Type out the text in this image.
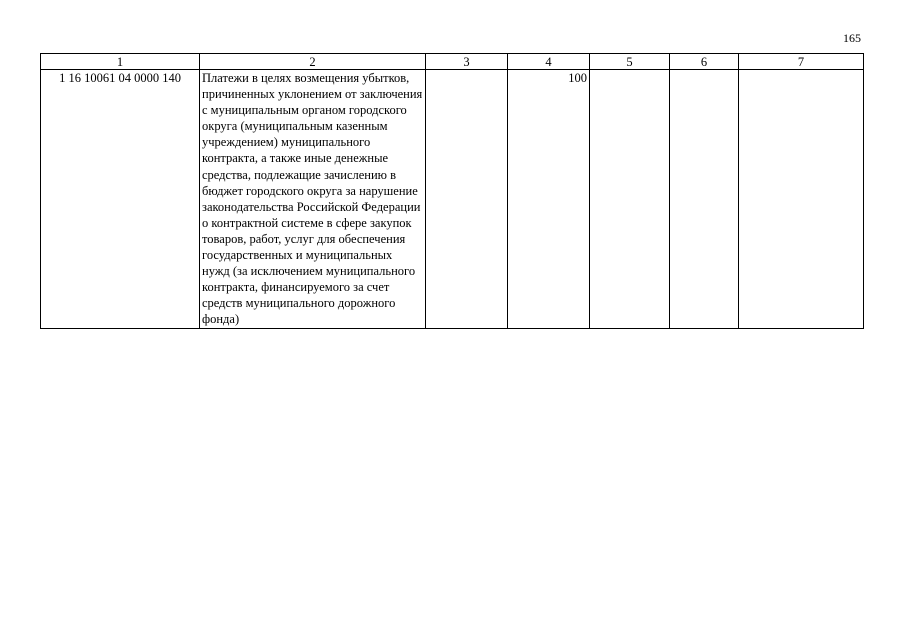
165
1	2	3	4	5	6	7
1 16 10061 04 0000 140	Платежи в целях возмещения убытков, причиненных уклонением от заключения с муниципальным органом городского округа (муниципальным казенным учреждением) муниципального контракта, а также иные денежные средства, подлежащие зачислению в бюджет городского округа за нарушение законодательства Российской Федерации о контрактной системе в сфере закупок товаров, работ, услуг для обеспечения государственных и муниципальных нужд (за исключением муниципального контракта, финансируемого за счет средств муниципального дорожного фонда)		100			
